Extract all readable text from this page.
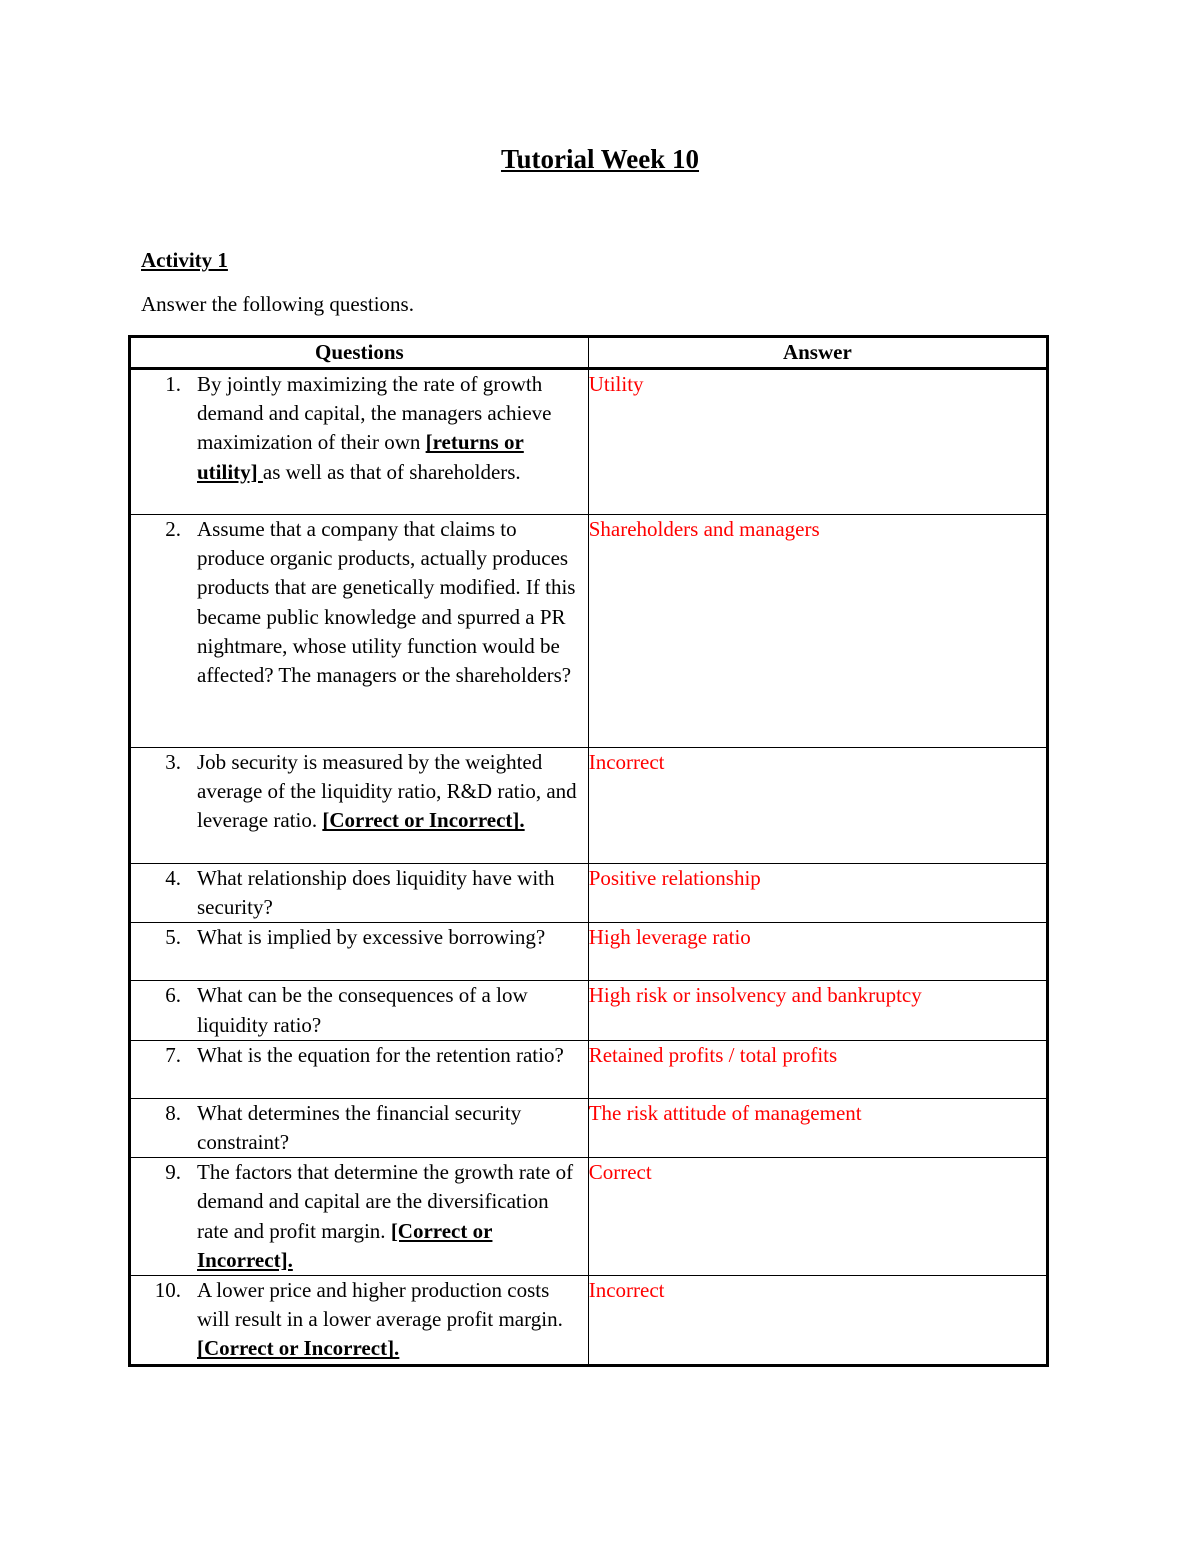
Tutorial Week 10
Activity 1

Answer the following questions.

Questions	Answer

1. By jointly maximizing the rate of growth demand and capital, the managers achieve maximization of their own [returns or utility] as well as that of shareholders.	Utility

2. Assume that a company that claims to produce organic products, actually produces products that are genetically modified. If this became public knowledge and spurred a PR nightmare, whose utility function would be affected? The managers or the shareholders?	Shareholders and managers

3. Job security is measured by the weighted average of the liquidity ratio, R&D ratio, and leverage ratio. [Correct or Incorrect].	Incorrect

4. What relationship does liquidity have with security?	Positive relationship

5. What is implied by excessive borrowing?	High leverage ratio

6. What can be the consequences of a low liquidity ratio?	High risk or insolvency and bankruptcy

7. What is the equation for the retention ratio?	Retained profits / total profits

8. What determines the financial security constraint?	The risk attitude of management

9. The factors that determine the growth rate of demand and capital are the diversification rate and profit margin. [Correct or Incorrect].	Correct

10. A lower price and higher production costs will result in a lower average profit margin. [Correct or Incorrect].	Incorrect
